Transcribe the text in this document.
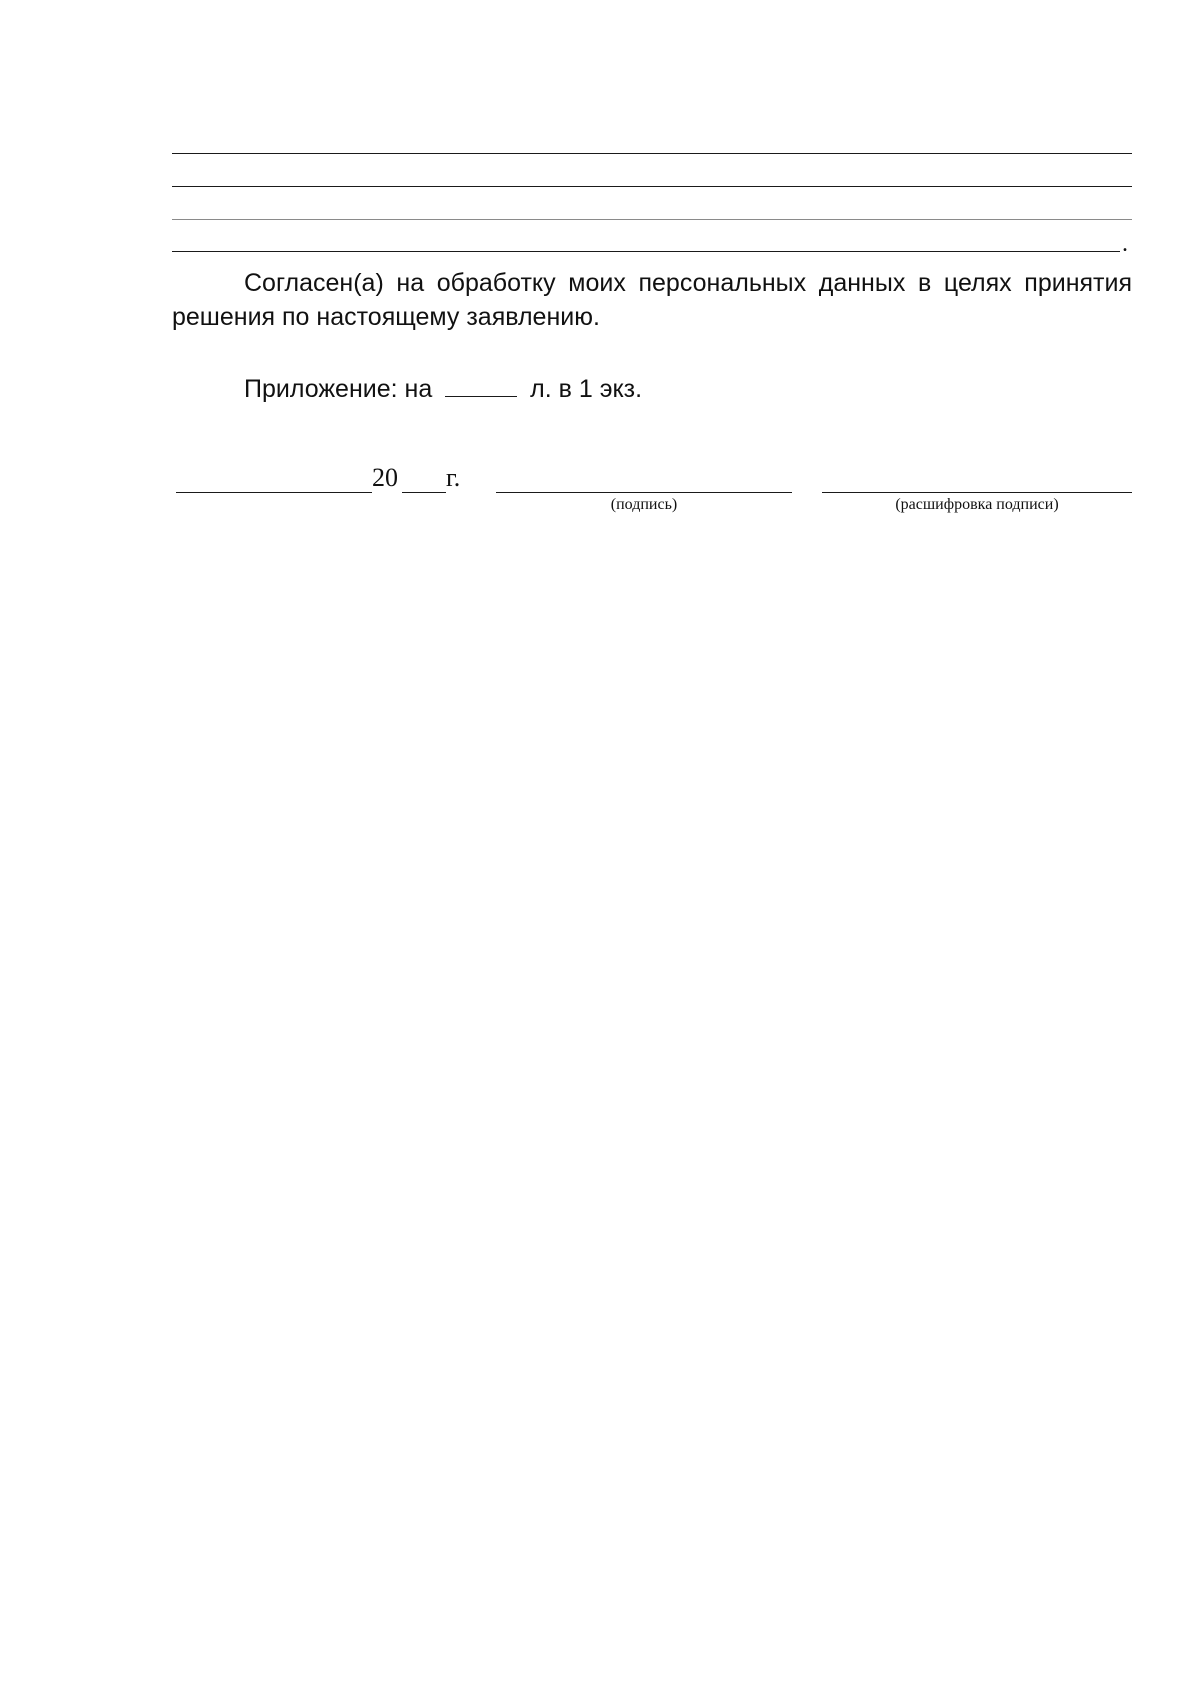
.

Согласен(а) на обработку моих персональных данных в целях принятия решения по настоящему заявлению.

Приложение: на	л. в 1 экз.
20 г.
(подпись)	(расшифровка подписи)
